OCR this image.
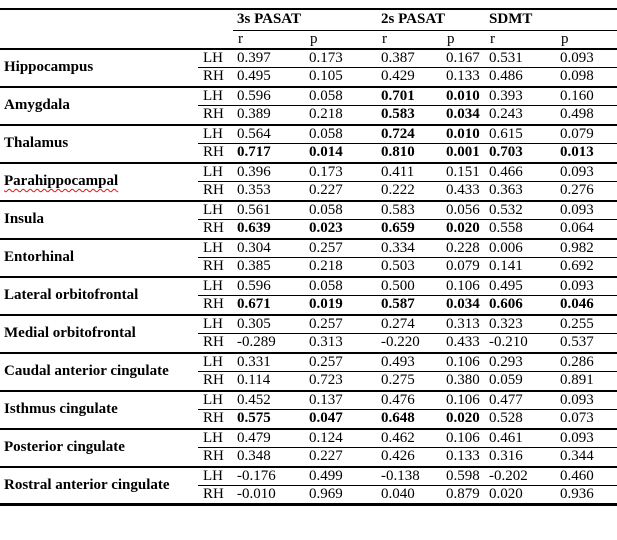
		3s PASAT		2s PASAT		SDMT	
		r	p	r	p	r	p
Hippocampus	LH	0.397	0.173	0.387	0.167	0.531	0.093
	RH	0.495	0.105	0.429	0.133	0.486	0.098
Amygdala	LH	0.596	0.058	0.701	0.010	0.393	0.160
	RH	0.389	0.218	0.583	0.034	0.243	0.498
Thalamus	LH	0.564	0.058	0.724	0.010	0.615	0.079
	RH	0.717	0.014	0.810	0.001	0.703	0.013
Parahippocampal	LH	0.396	0.173	0.411	0.151	0.466	0.093
	RH	0.353	0.227	0.222	0.433	0.363	0.276
Insula	LH	0.561	0.058	0.583	0.056	0.532	0.093
	RH	0.639	0.023	0.659	0.020	0.558	0.064
Entorhinal	LH	0.304	0.257	0.334	0.228	0.006	0.982
	RH	0.385	0.218	0.503	0.079	0.141	0.692
Lateral orbitofrontal	LH	0.596	0.058	0.500	0.106	0.495	0.093
	RH	0.671	0.019	0.587	0.034	0.606	0.046
Medial orbitofrontal	LH	0.305	0.257	0.274	0.313	0.323	0.255
	RH	-0.289	0.313	-0.220	0.433	-0.210	0.537
Caudal anterior cingulate	LH	0.331	0.257	0.493	0.106	0.293	0.286
	RH	0.114	0.723	0.275	0.380	0.059	0.891
Isthmus cingulate	LH	0.452	0.137	0.476	0.106	0.477	0.093
	RH	0.575	0.047	0.648	0.020	0.528	0.073
Posterior cingulate	LH	0.479	0.124	0.462	0.106	0.461	0.093
	RH	0.348	0.227	0.426	0.133	0.316	0.344
Rostral anterior cingulate	LH	-0.176	0.499	-0.138	0.598	-0.202	0.460
	RH	-0.010	0.969	0.040	0.879	0.020	0.936
